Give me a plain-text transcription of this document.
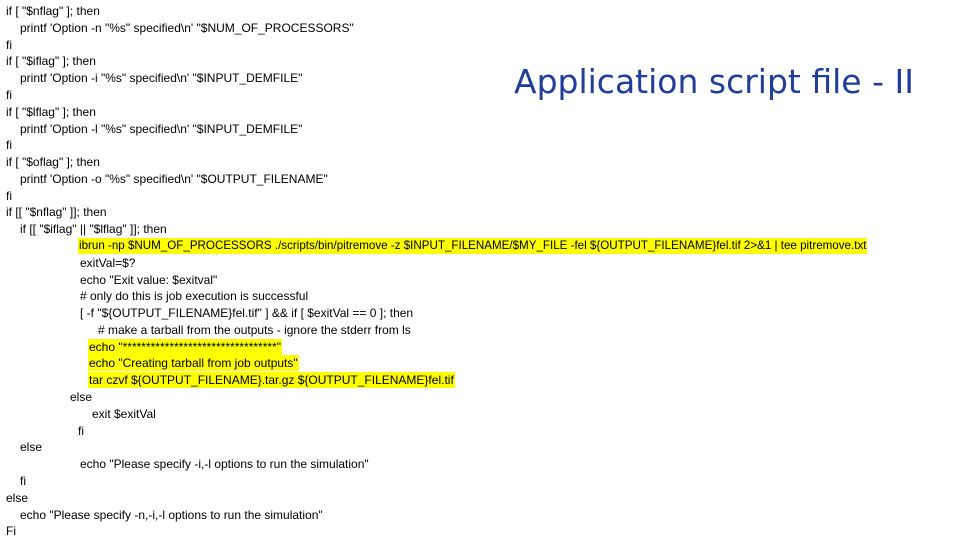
Application script file - II
if [ "$nflag" ]; then
printf 'Option -n "%s" specified\n' "$NUM_OF_PROCESSORS"
fi
if [ "$iflag" ]; then
printf 'Option -i "%s" specified\n' "$INPUT_DEMFILE"
fi
if [ "$lflag" ]; then
printf 'Option -l "%s" specified\n' "$INPUT_DEMFILE"
fi
if [ "$oflag" ]; then
printf 'Option -o "%s" specified\n' "$OUTPUT_FILENAME"
fi
if [[ "$nflag" ]]; then
if [[ "$iflag" || "$lflag" ]]; then
ibrun -np $NUM_OF_PROCESSORS ./scripts/bin/pitremove -z $INPUT_FILENAME/$MY_FILE -fel ${OUTPUT_FILENAME}fel.tif 2>&1 | tee pitremove.txt
exitVal=$?
echo "Exit value: $exitval"
# only do this is job execution is successful
[ -f "${OUTPUT_FILENAME}fel.tif" ] && if [ $exitVal == 0 ]; then
# make a tarball from the outputs - ignore the stderr from ls
echo "*********************************"
echo "Creating tarball from job outputs"
tar czvf ${OUTPUT_FILENAME}.tar.gz ${OUTPUT_FILENAME}fel.tif
else
exit $exitVal
fi
else
echo "Please specify -i,-l options to run the simulation"
fi
else
echo "Please specify -n,-i,-l options to run the simulation"
Fi
